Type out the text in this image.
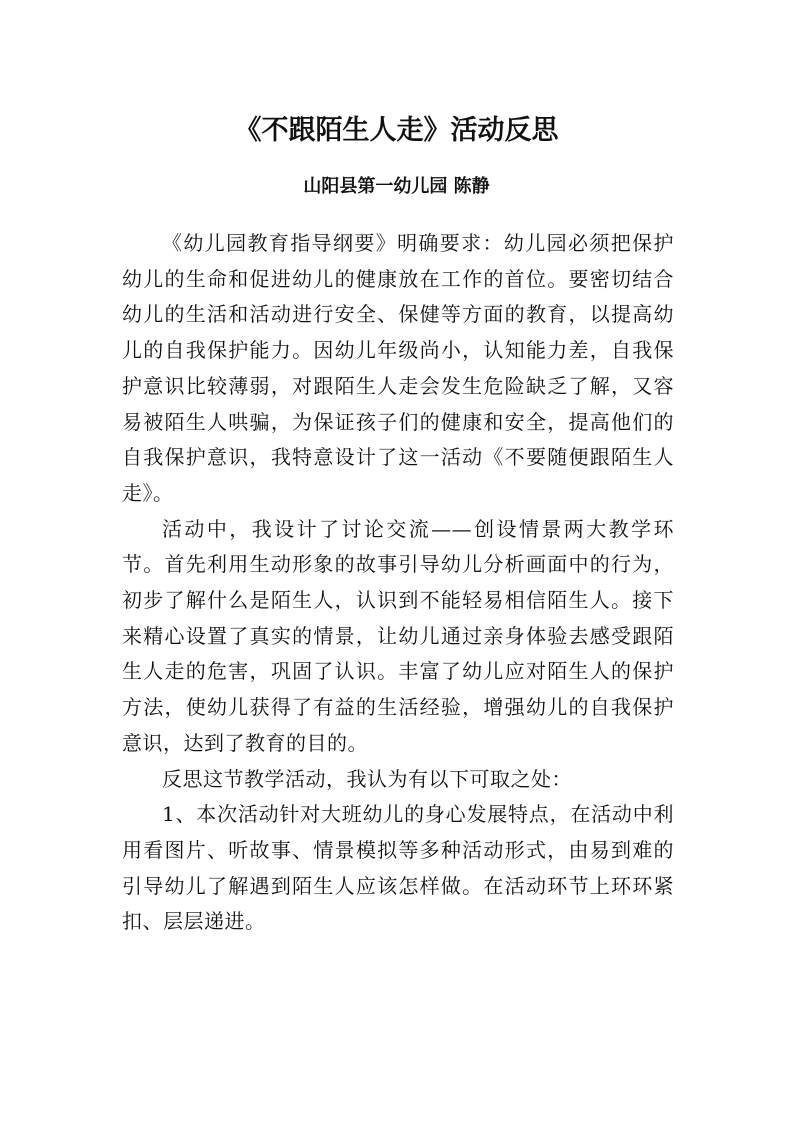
《不跟陌生人走》活动反思
山阳县第一幼儿园 陈静

《幼儿园教育指导纲要》明确要求：幼儿园必须把保护幼儿的生命和促进幼儿的健康放在工作的首位。要密切结合幼儿的生活和活动进行安全、保健等方面的教育，以提高幼儿的自我保护能力。因幼儿年级尚小，认知能力差，自我保护意识比较薄弱，对跟陌生人走会发生危险缺乏了解，又容易被陌生人哄骗，为保证孩子们的健康和安全，提高他们的自我保护意识，我特意设计了这一活动《不要随便跟陌生人走》。

活动中，我设计了讨论交流——创设情景两大教学环节。首先利用生动形象的故事引导幼儿分析画面中的行为，初步了解什么是陌生人，认识到不能轻易相信陌生人。接下来精心设置了真实的情景，让幼儿通过亲身体验去感受跟陌生人走的危害，巩固了认识。丰富了幼儿应对陌生人的保护方法，使幼儿获得了有益的生活经验，增强幼儿的自我保护意识，达到了教育的目的。

反思这节教学活动，我认为有以下可取之处：

1、本次活动针对大班幼儿的身心发展特点，在活动中利用看图片、听故事、情景模拟等多种活动形式，由易到难的引导幼儿了解遇到陌生人应该怎样做。在活动环节上环环紧扣、层层递进。
